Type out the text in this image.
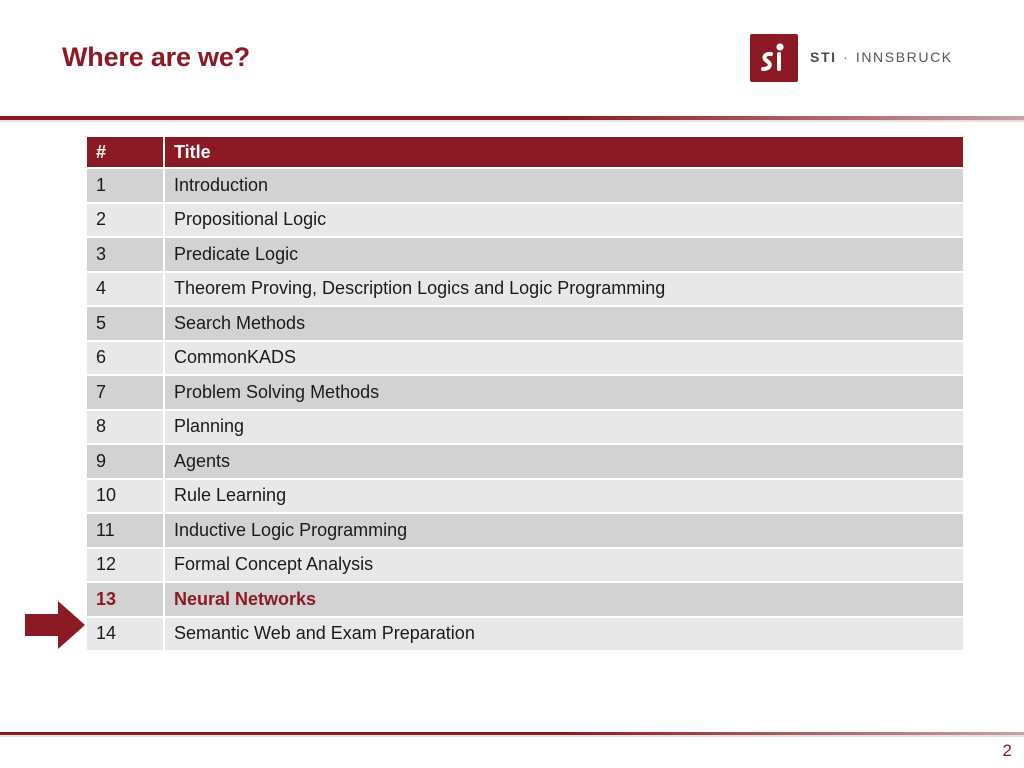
Where are we?	STI · INNSBRUCK
#	Title
1	Introduction
2	Propositional Logic
3	Predicate Logic
4	Theorem Proving, Description Logics and Logic Programming
5	Search Methods
6	CommonKADS
7	Problem Solving Methods
8	Planning
9	Agents
10	Rule Learning
11	Inductive Logic Programming
12	Formal Concept Analysis
13	Neural Networks
14	Semantic Web and Exam Preparation
2
